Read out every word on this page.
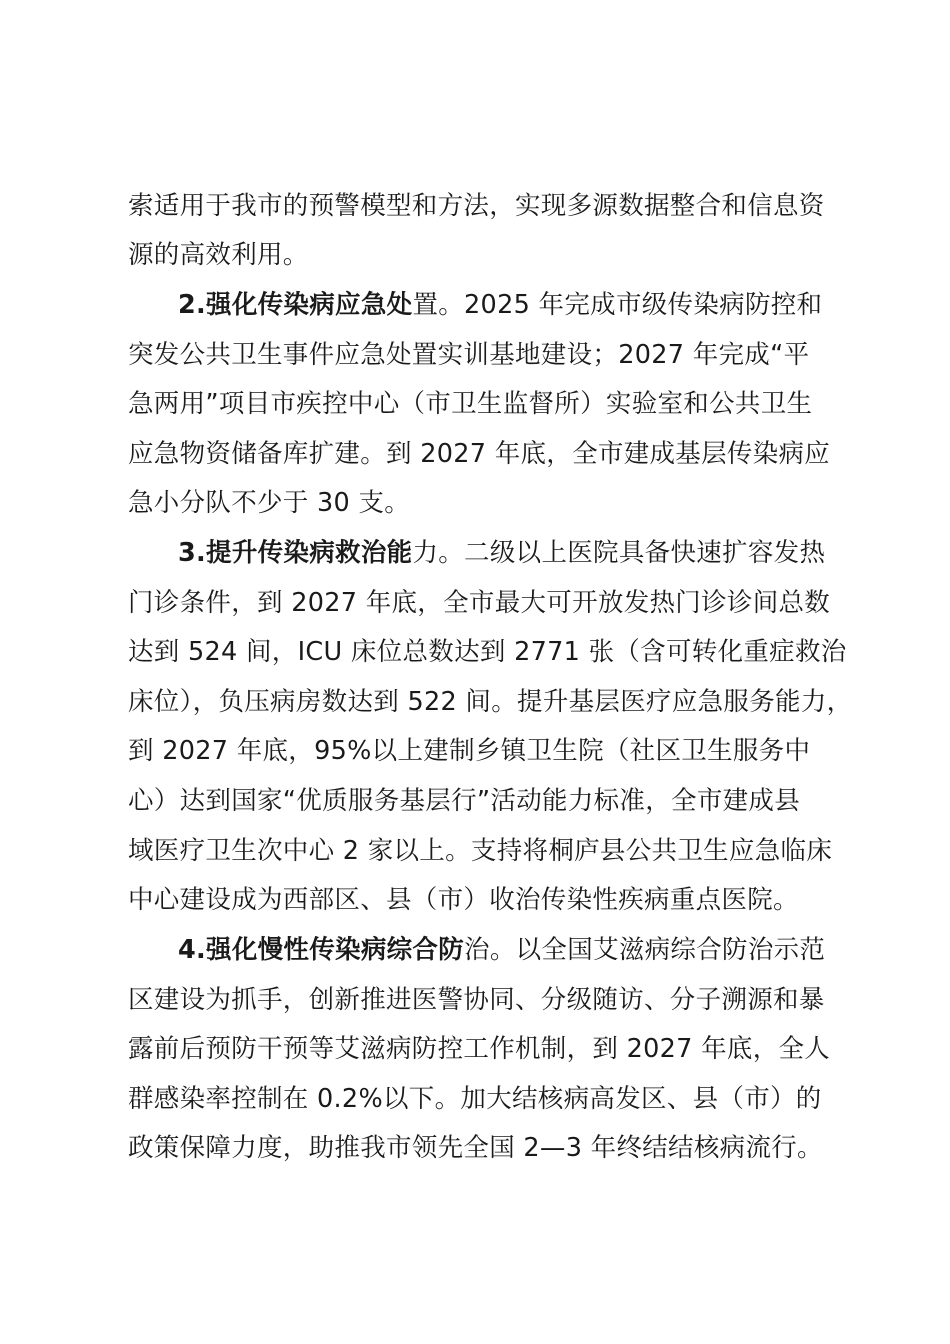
索适用于我市的预警模型和方法，实现多源数据整合和信息资
源的高效利用。
2.强化传染病应急处置。2025 年完成市级传染病防控和
突发公共卫生事件应急处置实训基地建设；2027 年完成“平
急两用”项目市疾控中心（市卫生监督所）实验室和公共卫生
应急物资储备库扩建。到 2027 年底，全市建成基层传染病应
急小分队不少于 30 支。
3.提升传染病救治能力。二级以上医院具备快速扩容发热
门诊条件，到 2027 年底，全市最大可开放发热门诊诊间总数
达到 524 间，ICU 床位总数达到 2771 张（含可转化重症救治
床位），负压病房数达到 522 间。提升基层医疗应急服务能力，
到 2027 年底，95%以上建制乡镇卫生院（社区卫生服务中
心）达到国家“优质服务基层行”活动能力标准，全市建成县
域医疗卫生次中心 2 家以上。支持将桐庐县公共卫生应急临床
中心建设成为西部区、县（市）收治传染性疾病重点医院。
4.强化慢性传染病综合防治。以全国艾滋病综合防治示范
区建设为抓手，创新推进医警协同、分级随访、分子溯源和暴
露前后预防干预等艾滋病防控工作机制，到 2027 年底，全人
群感染率控制在 0.2%以下。加大结核病高发区、县（市）的
政策保障力度，助推我市领先全国 2—3 年终结结核病流行。
